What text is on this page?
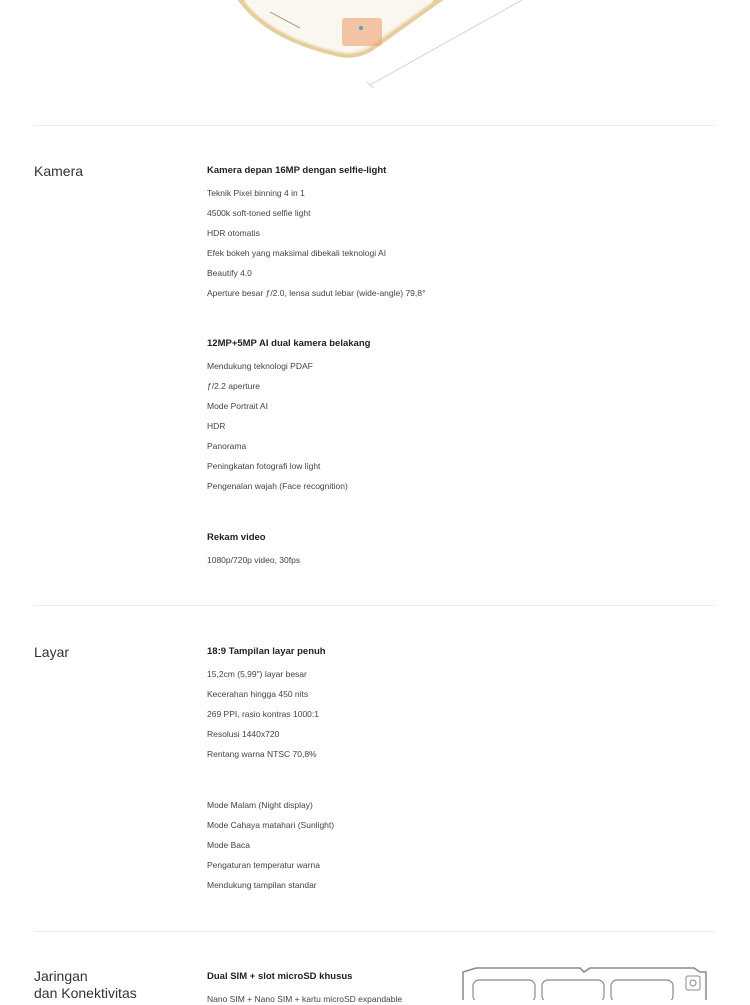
Kamera	Kamera depan 16MP dengan selfie-light
Teknik Pixel binning 4 in 1
4500k soft-toned selfie light
HDR otomatis
Efek bokeh yang maksimal dibekali teknologi AI
Beautify 4.0
Aperture besar ƒ/2.0, lensa sudut lebar (wide-angle) 79,8°
12MP+5MP AI dual kamera belakang
Mendukung teknologi PDAF
ƒ/2.2 aperture
Mode Portrait AI
HDR
Panorama
Peningkatan fotografi low light
Pengenalan wajah (Face recognition)
Rekam video
1080p/720p video, 30fps
Layar	18:9 Tampilan layar penuh
15,2cm (5,99") layar besar
Kecerahan hingga 450 nits
269 PPI, rasio kontras 1000:1
Resolusi 1440x720
Rentang warna NTSC 70,8%
Mode Malam (Night display)
Mode Cahaya matahari (Sunlight)
Mode Baca
Pengaturan temperatur warna
Mendukung tampilan standar
Jaringan
dan Konektivitas
Dual SIM + slot microSD khusus
Nano SIM + Nano SIM + kartu microSD expandable
